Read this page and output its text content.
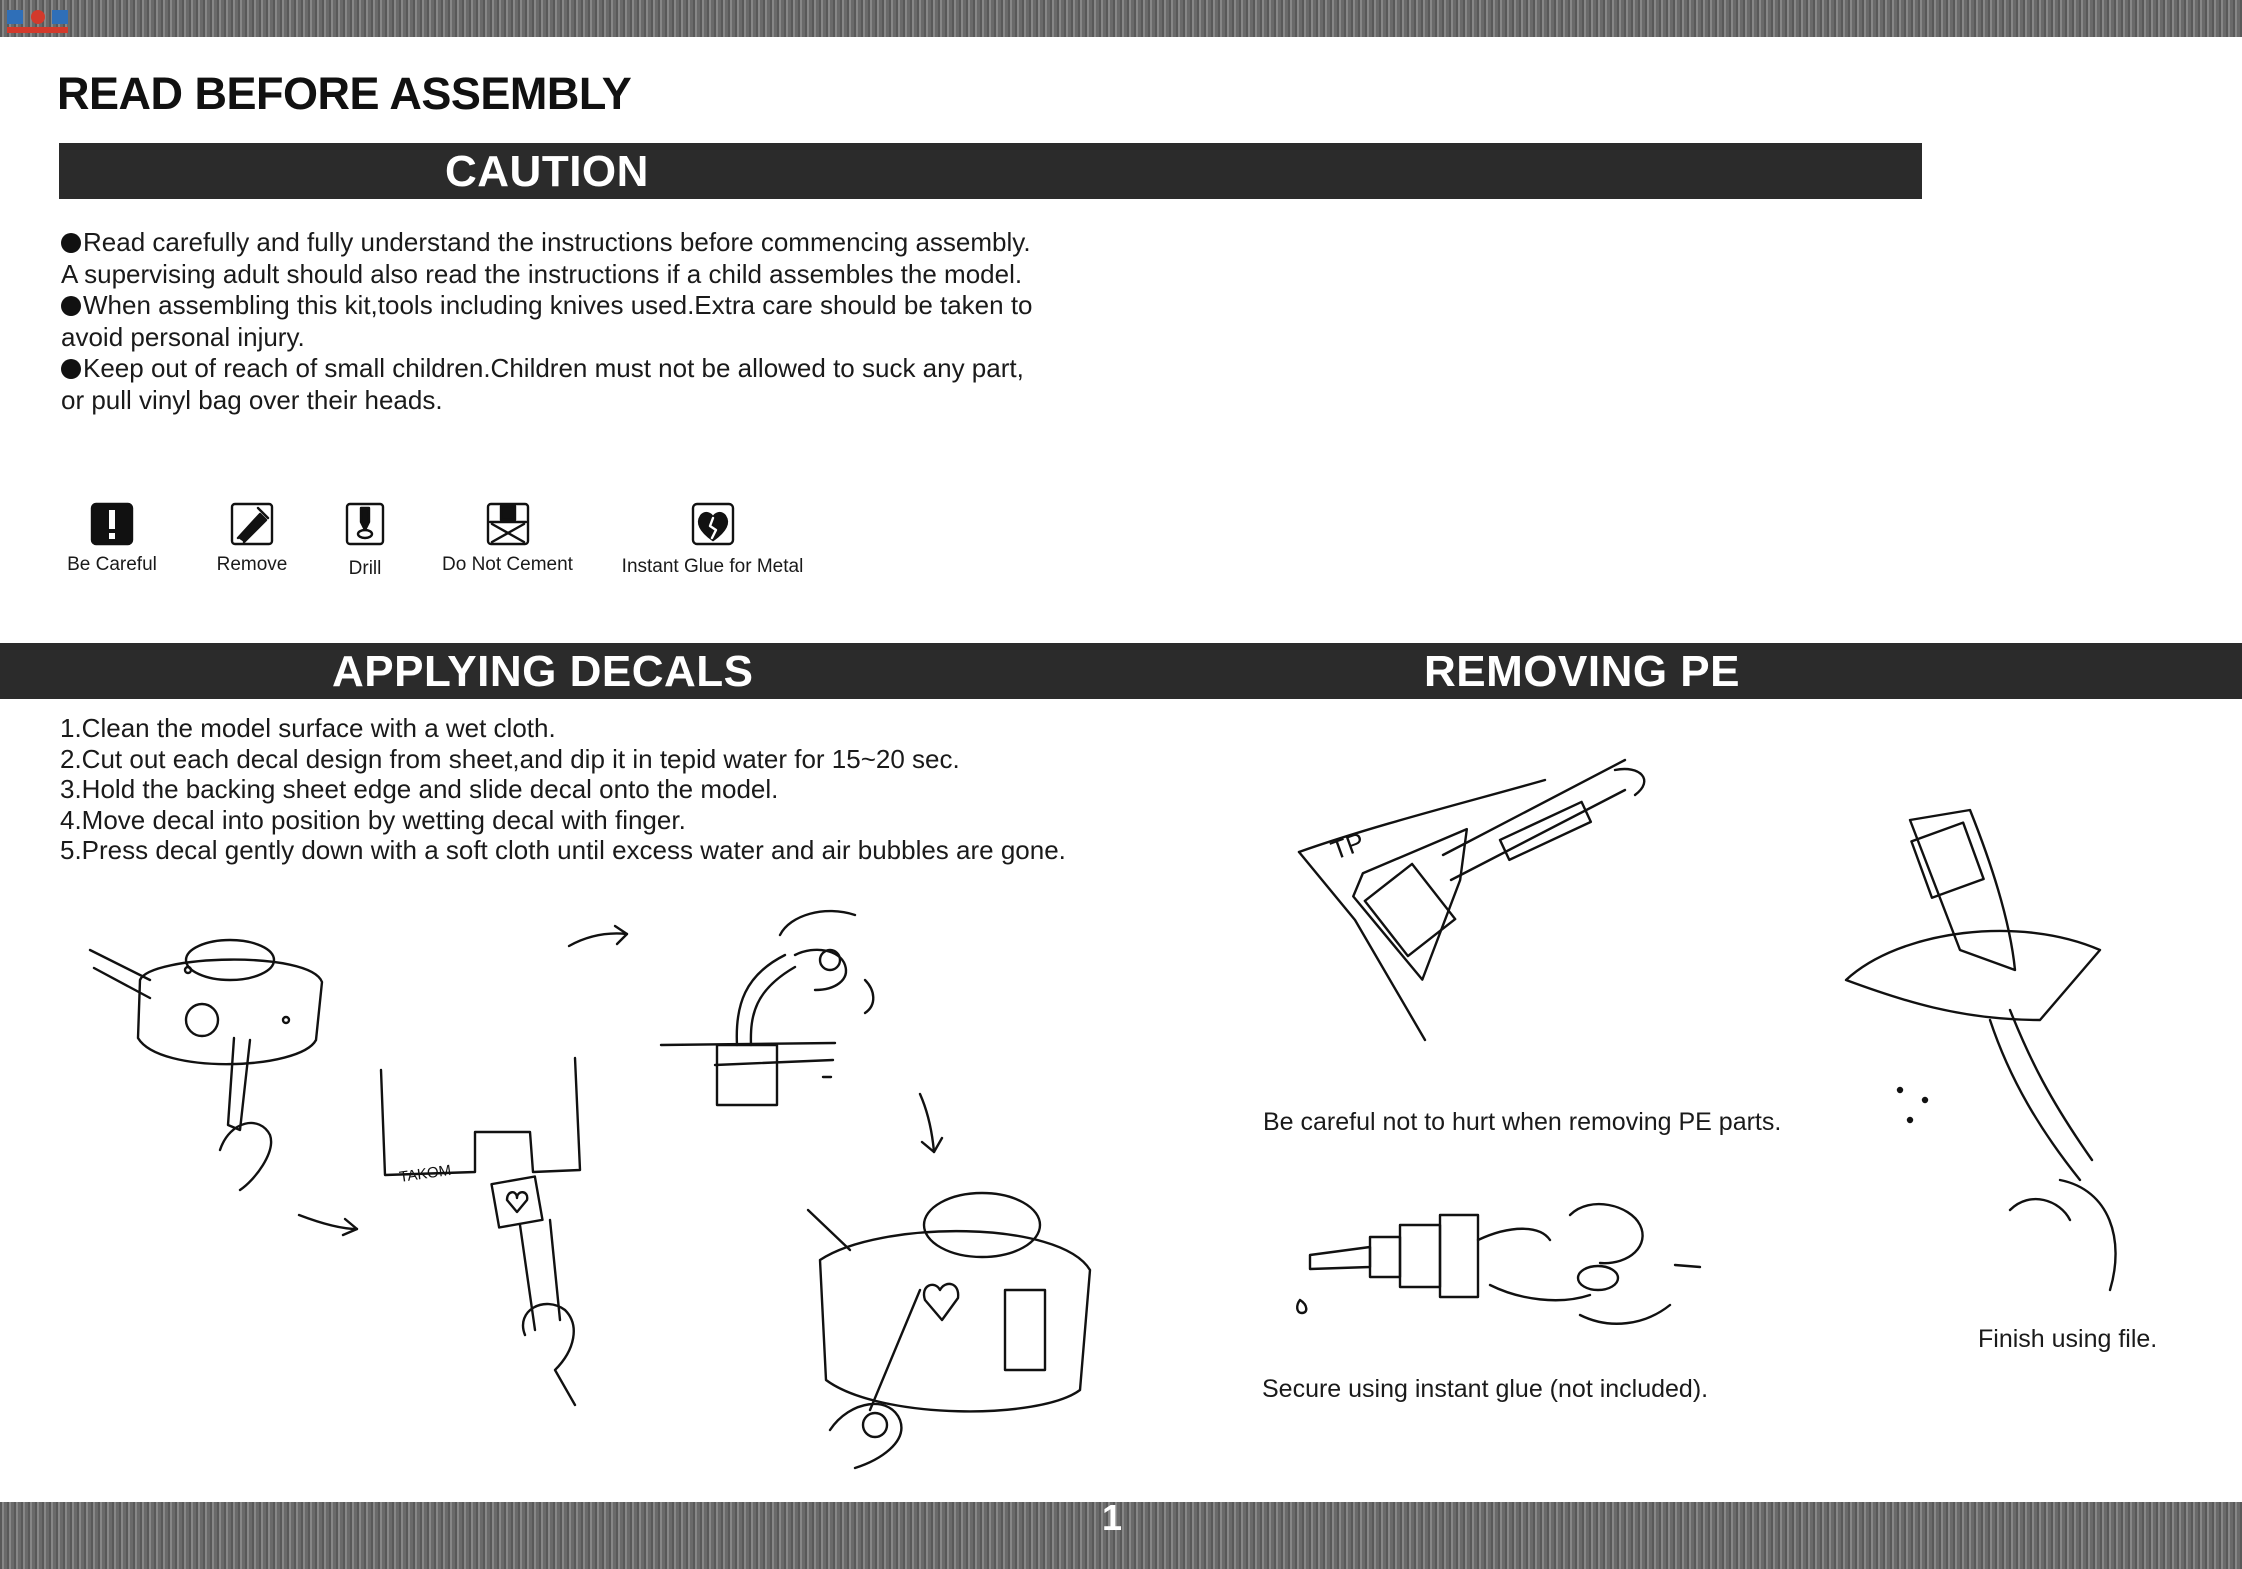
1
READ BEFORE ASSEMBLY
CAUTION

Read carefully and fully understand the instructions before commencing assembly.

A supervising adult should also read the instructions if a child assembles the model.

When assembling this kit,tools including knives used.Extra care should be taken to

avoid personal injury.

Keep out of reach of small children.Children must not be allowed to suck any part,

or pull vinyl bag over their heads.

Be Careful	Remove	Drill	Do Not Cement	Instant Glue for Metal
APPLYING DECALS	REMOVING PE

1.Clean the model surface with a wet cloth.

2.Cut out each decal design from sheet,and dip it in tepid water for 15~20 sec.

3.Hold the backing sheet edge and slide decal onto the model.

4.Move decal into position by wetting decal with finger.

5.Press decal gently down with a soft cloth until excess water and air bubbles are gone.

TAKOM
TP
Be careful not to hurt when removing PE parts.
Secure using instant glue (not included).
Finish using file.
